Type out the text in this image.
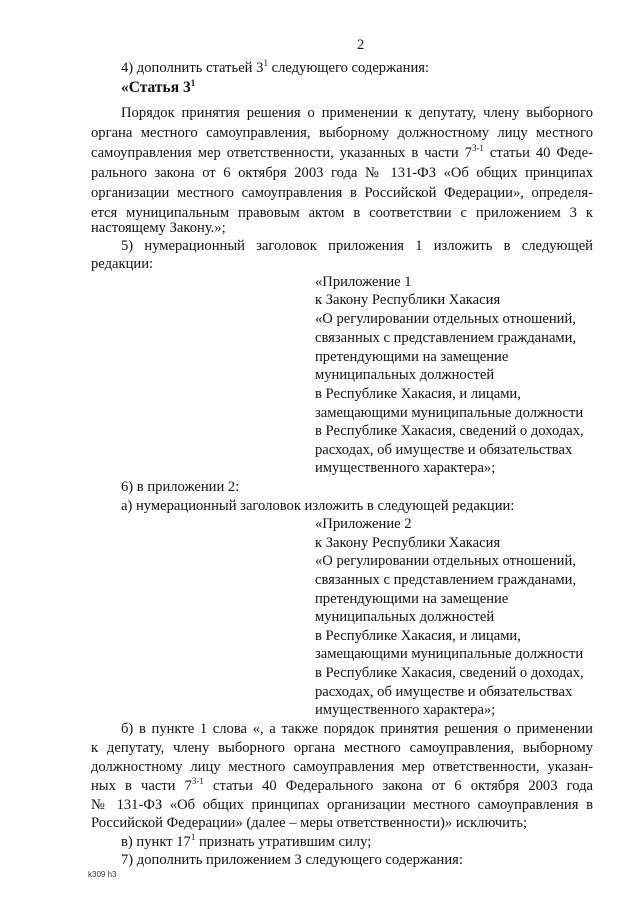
2
4) дополнить статьей $3^1$ следующего содержания:
«Статья $3^1$
Порядок принятия решения о применении к депутату, члену выборного
органа местного самоуправления, выборному должностному лицу местного
самоуправления мер ответственности, указанных в части 7$^{3-1}$ статьи 40 Феде-
рального закона от 6 октября 2003 года № 131-ФЗ «Об общих принципах
организации местного самоуправления в Российской Федерации», определя-
ется муниципальным правовым актом в соответствии с приложением 3 к
настоящему Закону.»;
5) нумерационный заголовок приложения 1 изложить в следующей
редакции:
«Приложение 1
к Закону Республики Хакасия
«О регулировании отдельных отношений,
связанных с представлением гражданами,
претендующими на замещение
муниципальных должностей
в Республике Хакасия, и лицами,
замещающими муниципальные должности
в Республике Хакасия, сведений о доходах,
расходах, об имуществе и обязательствах
имущественного характера»;
6) в приложении 2:
а) нумерационный заголовок изложить в следующей редакции:
«Приложение 2
к Закону Республики Хакасия
«О регулировании отдельных отношений,
связанных с представлением гражданами,
претендующими на замещение
муниципальных должностей
в Республике Хакасия, и лицами,
замещающими муниципальные должности
в Республике Хакасия, сведений о доходах,
расходах, об имуществе и обязательствах
имущественного характера»;
б) в пункте 1 слова «, а также порядок принятия решения о применении
к депутату, члену выборного органа местного самоуправления, выборному
должностному лицу местного самоуправления мер ответственности, указан-
ных в части 7$^{3-1}$ статьи 40 Федерального закона от 6 октября 2003 года
№ 131-ФЗ «Об общих принципах организации местного самоуправления в
Российской Федерации» (далее – меры ответственности)» исключить;
в) пункт $17^1$ признать утратившим силу;
7) дополнить приложением 3 следующего содержания:
k309 h3
